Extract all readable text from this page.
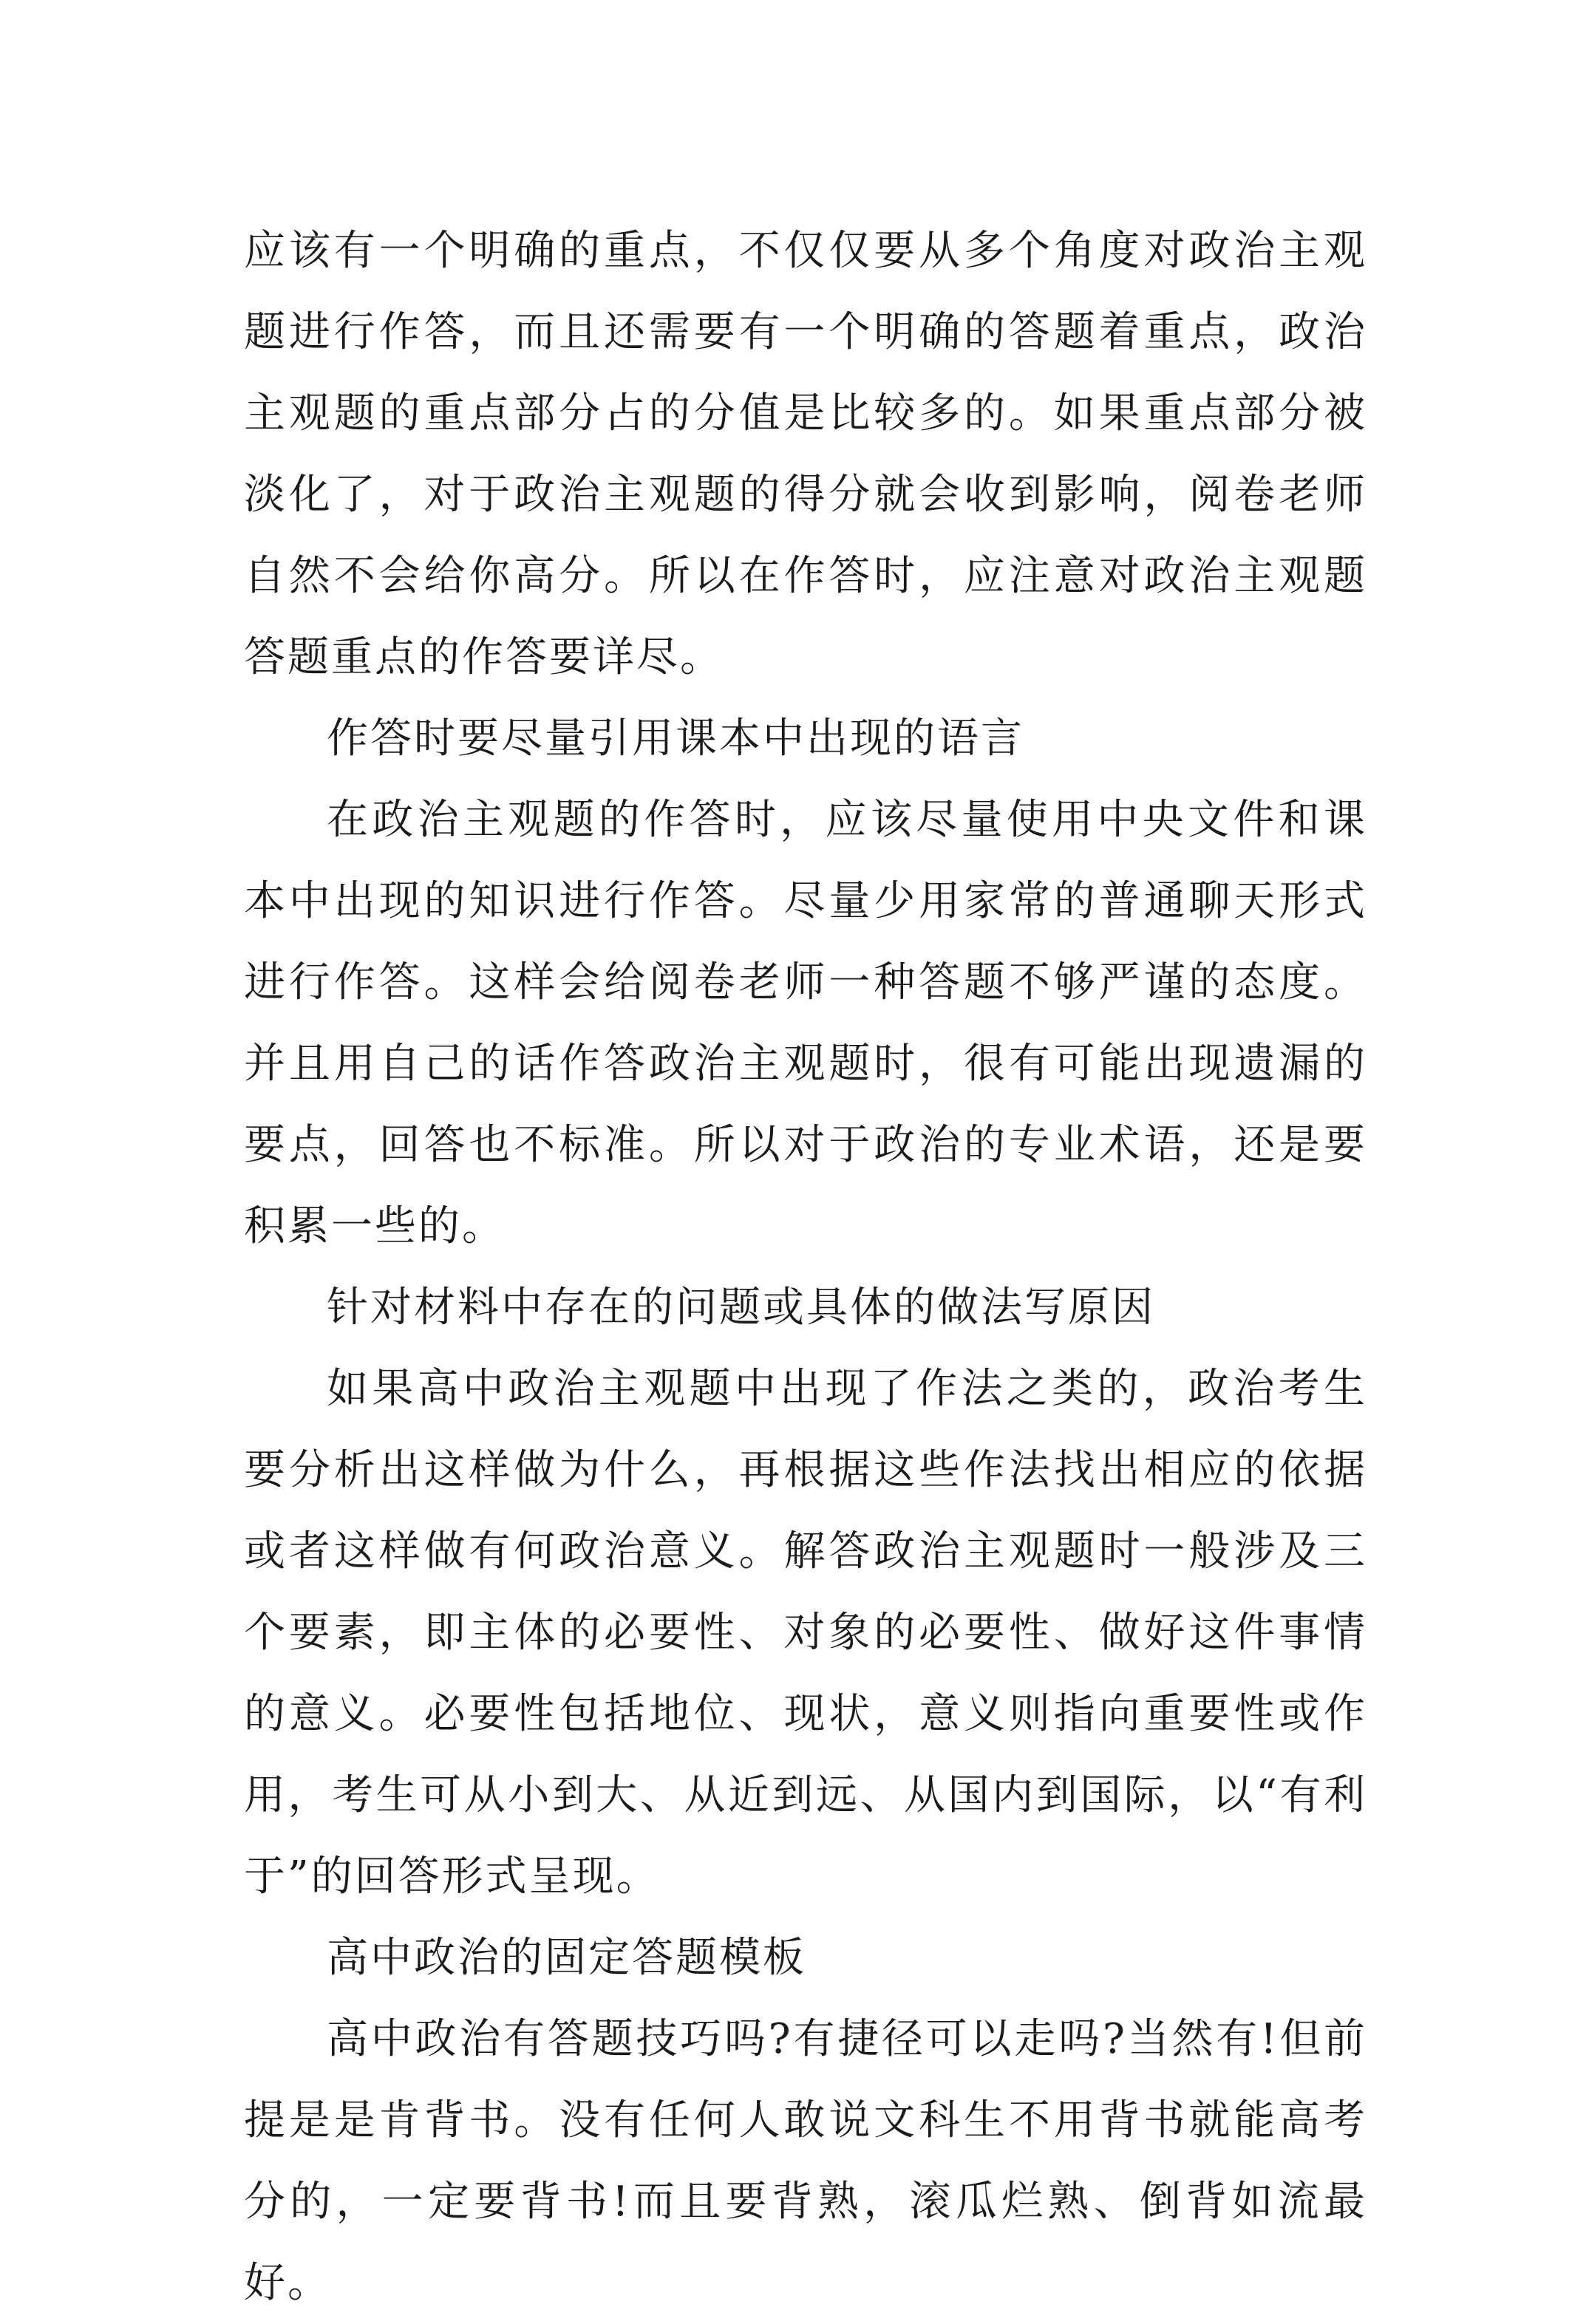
应该有一个明确的重点，不仅仅要从多个角度对政治主观题进行作答，而且还需要有一个明确的答题着重点，政治主观题的重点部分占的分值是比较多的。如果重点部分被淡化了，对于政治主观题的得分就会收到影响，阅卷老师自然不会给你高分。所以在作答时，应注意对政治主观题答题重点的作答要详尽。

作答时要尽量引用课本中出现的语言

在政治主观题的作答时，应该尽量使用中央文件和课本中出现的知识进行作答。尽量少用家常的普通聊天形式进行作答。这样会给阅卷老师一种答题不够严谨的态度。并且用自己的话作答政治主观题时，很有可能出现遗漏的要点，回答也不标准。所以对于政治的专业术语，还是要积累一些的。

针对材料中存在的问题或具体的做法写原因

如果高中政治主观题中出现了作法之类的，政治考生要分析出这样做为什么，再根据这些作法找出相应的依据或者这样做有何政治意义。解答政治主观题时一般涉及三个要素，即主体的必要性、对象的必要性、做好这件事情的意义。必要性包括地位、现状，意义则指向重要性或作用，考生可从小到大、从近到远、从国内到国际，以“有利于”的回答形式呈现。

高中政治的固定答题模板

高中政治有答题技巧吗?有捷径可以走吗?当然有!但前提是是肯背书。没有任何人敢说文科生不用背书就能高考分的，一定要背书!而且要背熟，滚瓜烂熟、倒背如流最好。
